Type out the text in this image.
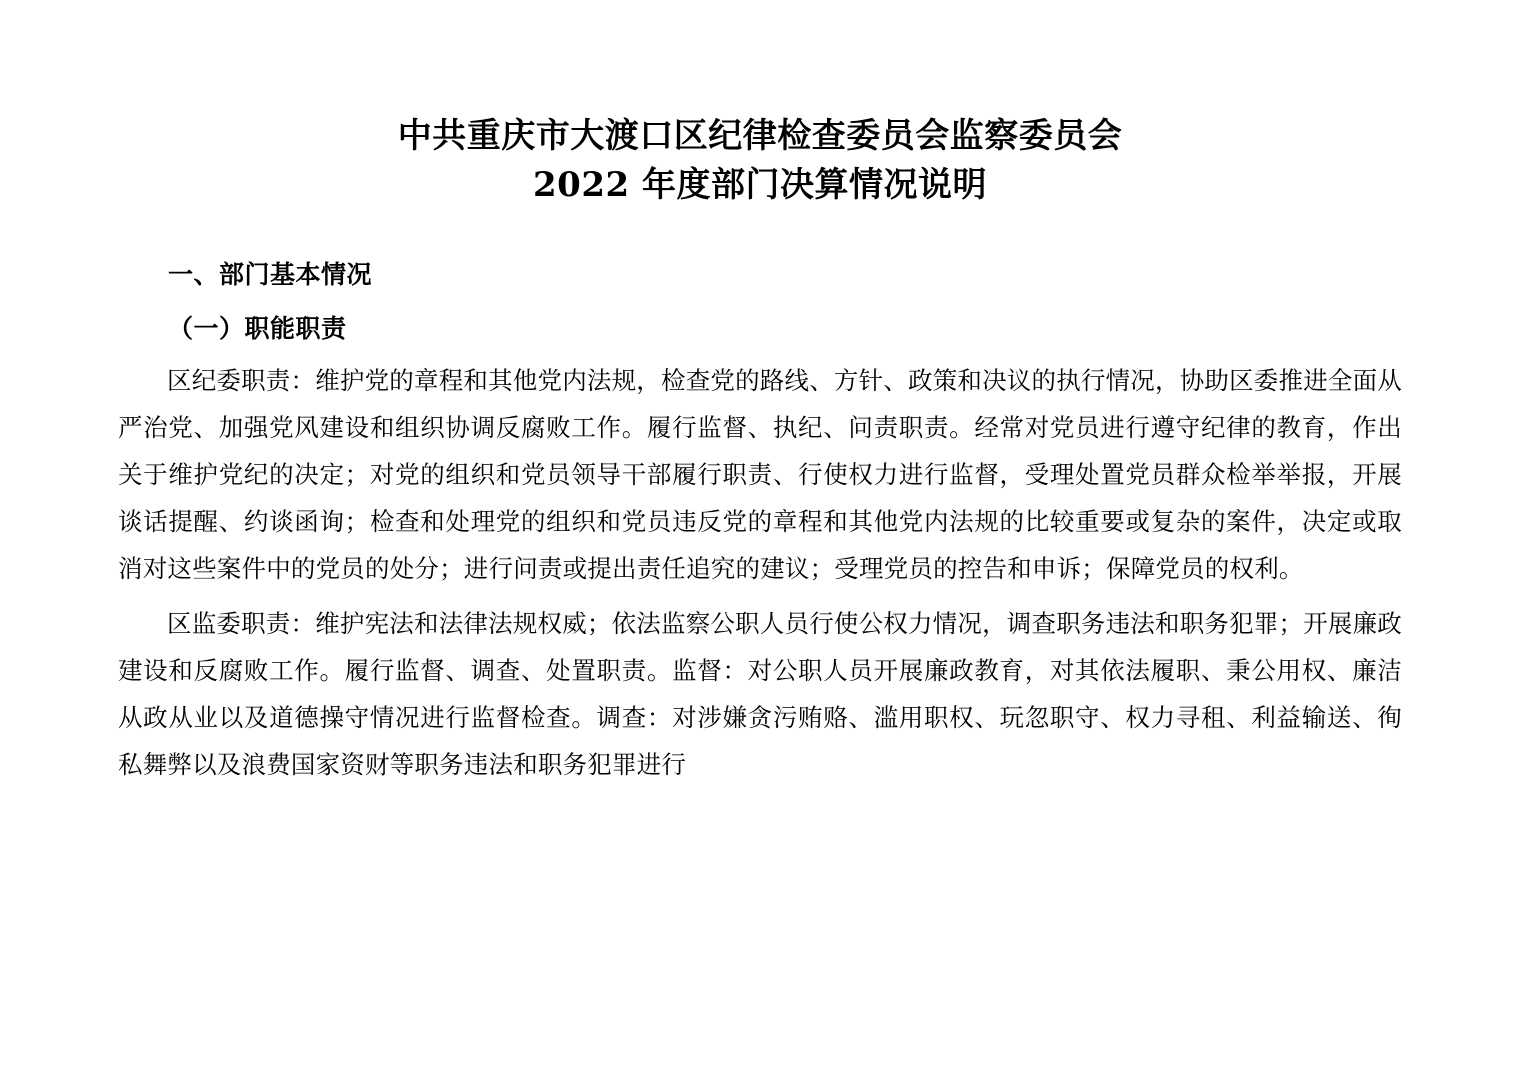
中共重庆市大渡口区纪律检查委员会监察委员会
2022 年度部门决算情况说明
一、部门基本情况
（一）职能职责

区纪委职责：维护党的章程和其他党内法规，检查党的路线、方针、政策和决议的执行情况，协助区委推进全面从严治党、加强党风建设和组织协调反腐败工作。履行监督、执纪、问责职责。经常对党员进行遵守纪律的教育，作出关于维护党纪的决定；对党的组织和党员领导干部履行职责、行使权力进行监督，受理处置党员群众检举举报，开展谈话提醒、约谈函询；检查和处理党的组织和党员违反党的章程和其他党内法规的比较重要或复杂的案件，决定或取消对这些案件中的党员的处分；进行问责或提出责任追究的建议；受理党员的控告和申诉；保障党员的权利。

区监委职责：维护宪法和法律法规权威；依法监察公职人员行使公权力情况，调查职务违法和职务犯罪；开展廉政建设和反腐败工作。履行监督、调查、处置职责。监督：对公职人员开展廉政教育，对其依法履职、秉公用权、廉洁从政从业以及道德操守情况进行监督检查。调查：对涉嫌贪污贿赂、滥用职权、玩忽职守、权力寻租、利益输送、徇私舞弊以及浪费国家资财等职务违法和职务犯罪进行
